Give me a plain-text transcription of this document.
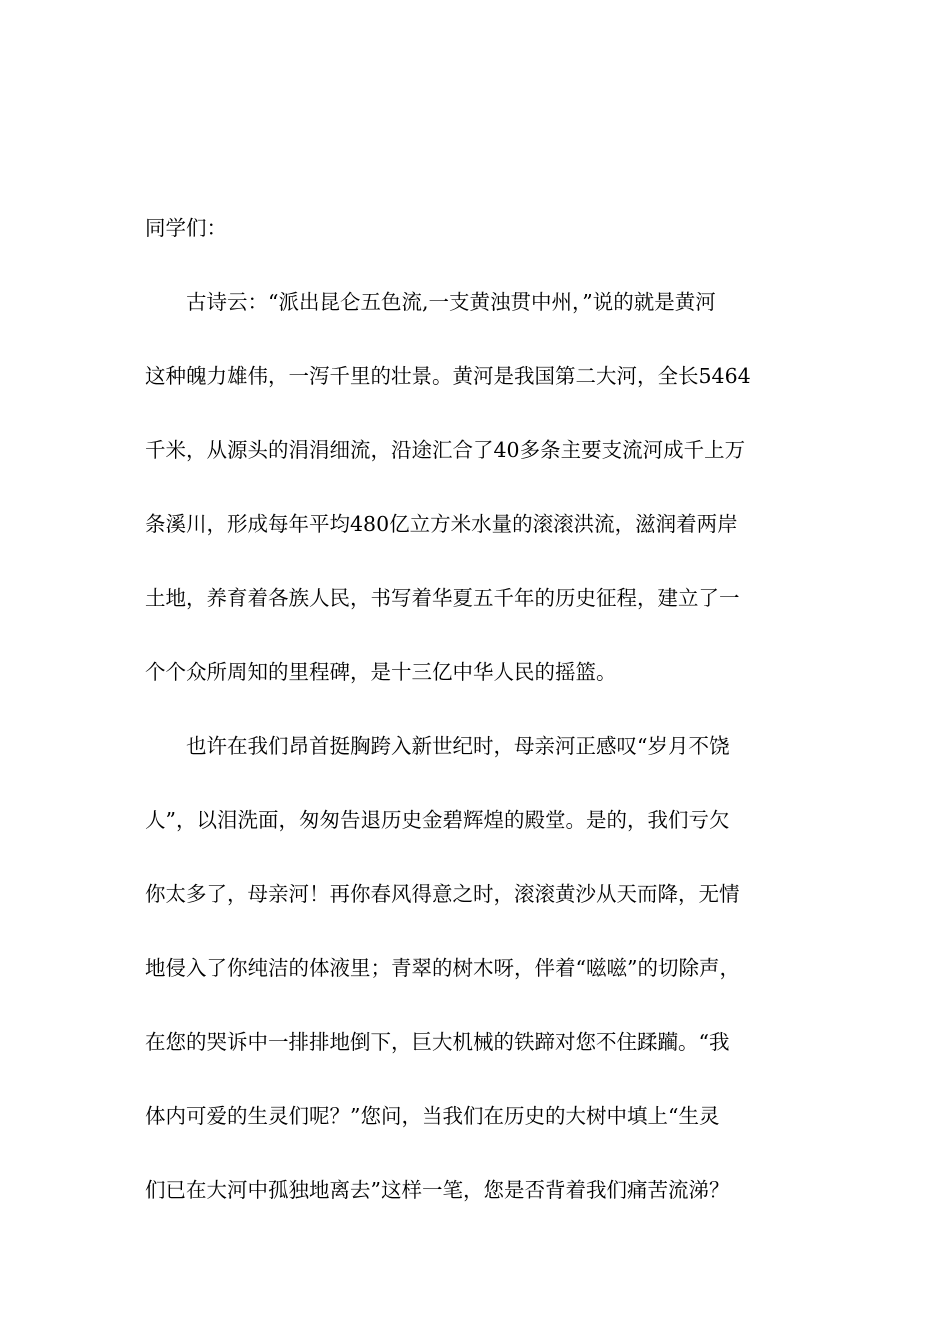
同学们：
　　古诗云：“派出昆仑五色流,一支黄浊贯中州，”说的就是黄河
这种魄力雄伟，一泻千里的壮景。黄河是我国第二大河，全长5464
千米，从源头的涓涓细流，沿途汇合了40多条主要支流河成千上万
条溪川，形成每年平均480亿立方米水量的滚滚洪流，滋润着两岸
土地，养育着各族人民，书写着华夏五千年的历史征程，建立了一
个个众所周知的里程碑，是十三亿中华人民的摇篮。
　　也许在我们昂首挺胸跨入新世纪时，母亲河正感叹“岁月不饶
人”，以泪洗面，匆匆告退历史金碧辉煌的殿堂。是的，我们亏欠
你太多了，母亲河！再你春风得意之时，滚滚黄沙从天而降，无情
地侵入了你纯洁的体液里；青翠的树木呀，伴着“嗞嗞”的切除声，
在您的哭诉中一排排地倒下，巨大机械的铁蹄对您不住蹂躏。“我
体内可爱的生灵们呢？”您问，当我们在历史的大树中填上“生灵
们已在大河中孤独地离去”这样一笔，您是否背着我们痛苦流涕？
